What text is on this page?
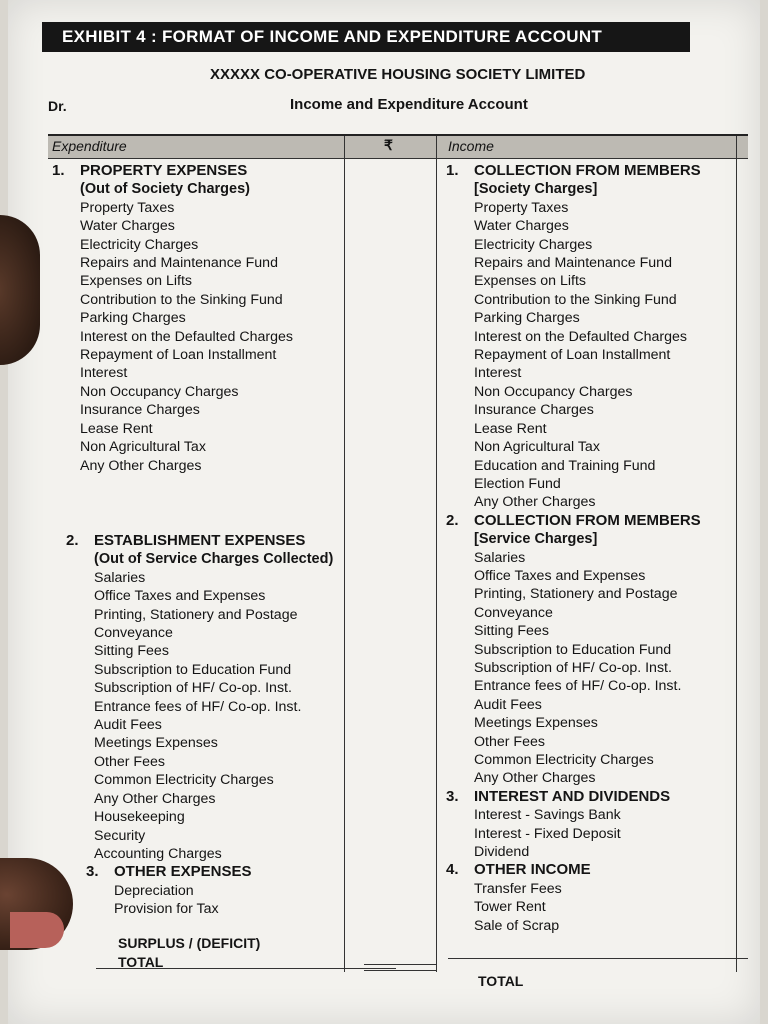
EXHIBIT 4 : FORMAT OF INCOME AND EXPENDITURE ACCOUNT
XXXXX CO-OPERATIVE HOUSING SOCIETY LIMITED
Dr.	Income and Expenditure Account
Expenditure	₹	Income
1. PROPERTY EXPENSES
(Out of Society Charges)
Property Taxes
Water Charges
Electricity Charges
Repairs and Maintenance Fund
Expenses on Lifts
Contribution to the Sinking Fund
Parking Charges
Interest on the Defaulted Charges
Repayment of Loan Installment
Interest
Non Occupancy Charges
Insurance Charges
Lease Rent
Non Agricultural Tax
Any Other Charges
2. ESTABLISHMENT EXPENSES
(Out of Service Charges Collected)
Salaries
Office Taxes and Expenses
Printing, Stationery and Postage
Conveyance
Sitting Fees
Subscription to Education Fund
Subscription of HF/ Co-op. Inst.
Entrance fees of HF/ Co-op. Inst.
Audit Fees
Meetings Expenses
Other Fees
Common Electricity Charges
Any Other Charges
Housekeeping
Security
Accounting Charges
3. OTHER EXPENSES
Depreciation
Provision for Tax
SURPLUS / (DEFICIT)
TOTAL
1. COLLECTION FROM MEMBERS
[Society Charges]
Property Taxes
Water Charges
Electricity Charges
Repairs and Maintenance Fund
Expenses on Lifts
Contribution to the Sinking Fund
Parking Charges
Interest on the Defaulted Charges
Repayment of Loan Installment
Interest
Non Occupancy Charges
Insurance Charges
Lease Rent
Non Agricultural Tax
Education and Training Fund
Election Fund
Any Other Charges
2. COLLECTION FROM MEMBERS
[Service Charges]
Salaries
Office Taxes and Expenses
Printing, Stationery and Postage
Conveyance
Sitting Fees
Subscription to Education Fund
Subscription of HF/ Co-op. Inst.
Entrance fees of HF/ Co-op. Inst.
Audit Fees
Meetings Expenses
Other Fees
Common Electricity Charges
Any Other Charges
3. INTEREST AND DIVIDENDS
Interest - Savings Bank
Interest - Fixed Deposit
Dividend
4. OTHER INCOME
Transfer Fees
Tower Rent
Sale of Scrap
TOTAL
